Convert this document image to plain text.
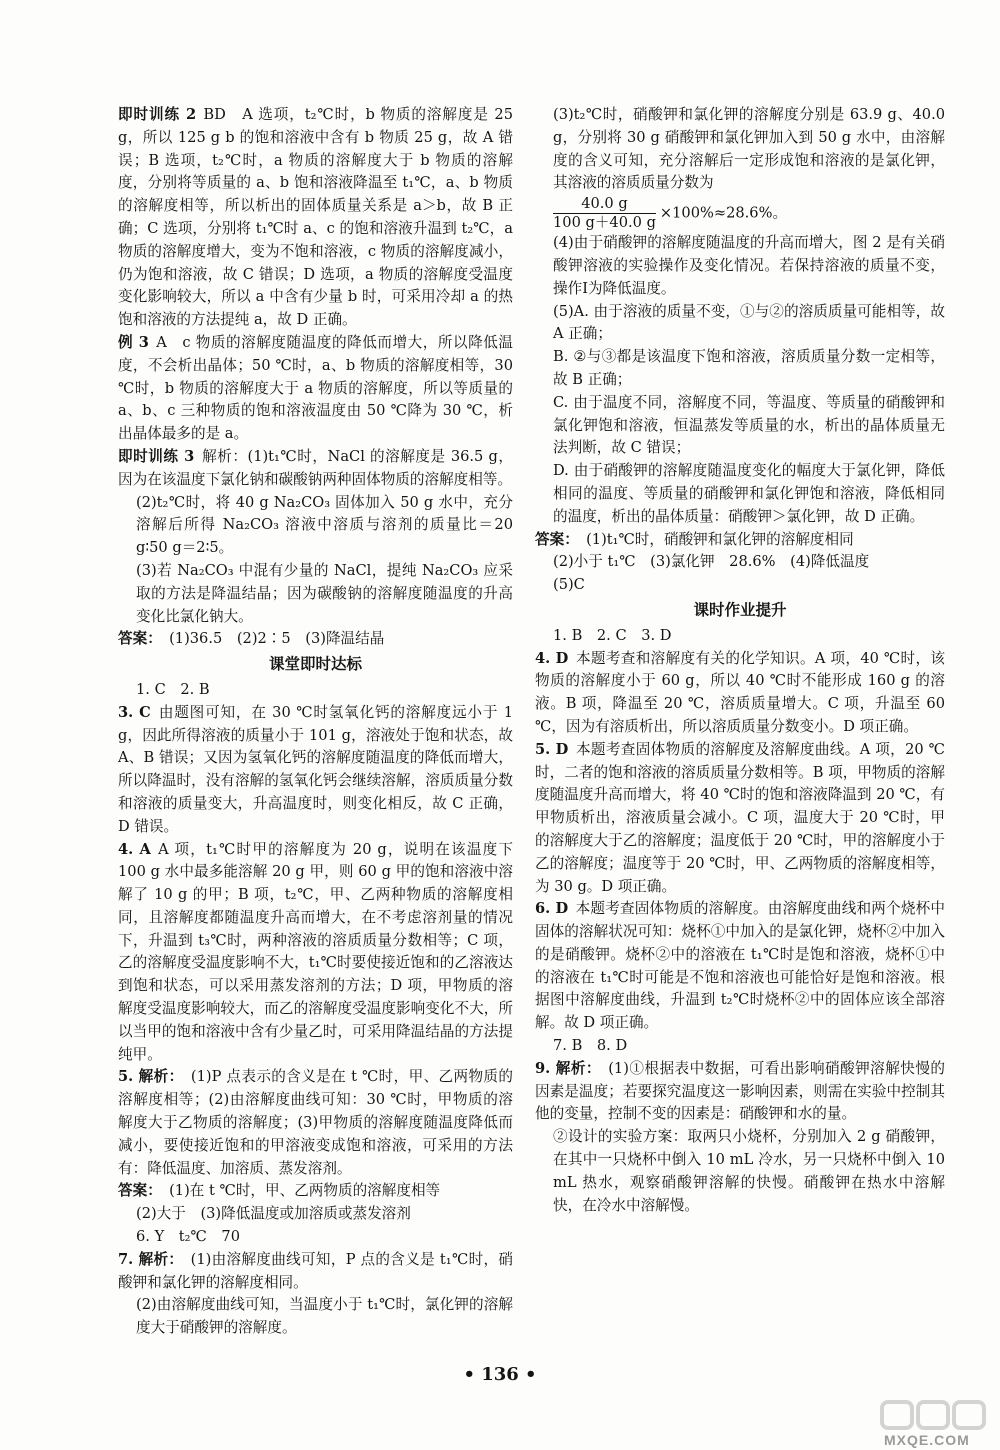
即时训练 2  BD　A 选项，t₂℃时，b 物质的溶解度是 25 g，所以 125 g b 的饱和溶液中含有 b 物质 25 g，故 A 错误；B 选项，t₂℃时，a 物质的溶解度大于 b 物质的溶解度，分别将等质量的 a、b 饱和溶液降温至 t₁℃，a、b 物质的溶解度相等，所以析出的固体质量关系是 a＞b，故 B 正确；C 选项，分别将 t₁℃时 a、c 的饱和溶液升温到 t₂℃，a 物质的溶解度增大，变为不饱和溶液，c 物质的溶解度减小，仍为饱和溶液，故 C 错误；D 选项，a 物质的溶解度受温度变化影响较大，所以 a 中含有少量 b 时，可采用冷却 a 的热饱和溶液的方法提纯 a，故 D 正确。
例 3  A　c 物质的溶解度随温度的降低而增大，所以降低温度，不会析出晶体；50 ℃时，a、b 物质的溶解度相等，30 ℃时，b 物质的溶解度大于 a 物质的溶解度，所以等质量的 a、b、c 三种物质的饱和溶液温度由 50 ℃降为 30 ℃，析出晶体最多的是 a。
即时训练 3  解析：(1)t₁℃时，NaCl 的溶解度是 36.5 g，因为在该温度下氯化钠和碳酸钠两种固体物质的溶解度相等。
(2)t₂℃时，将 40 g Na₂CO₃ 固体加入 50 g 水中，充分溶解后所得 Na₂CO₃ 溶液中溶质与溶剂的质量比＝20 g∶50 g＝2∶5。
(3)若 Na₂CO₃ 中混有少量的 NaCl，提纯 Na₂CO₃ 应采取的方法是降温结晶；因为碳酸钠的溶解度随温度的升高变化比氯化钠大。
答案：  (1)36.5　(2)2∶5　(3)降温结晶
课堂即时达标
1. C　2. B
3. C  由题图可知，在 30 ℃时氢氧化钙的溶解度远小于 1 g，因此所得溶液的质量小于 101 g，溶液处于饱和状态，故 A、B 错误；又因为氢氧化钙的溶解度随温度的降低而增大，所以降温时，没有溶解的氢氧化钙会继续溶解，溶质质量分数和溶液的质量变大，升高温度时，则变化相反，故 C 正确，D 错误。
4. A  A 项，t₁℃时甲的溶解度为 20 g，说明在该温度下 100 g 水中最多能溶解 20 g 甲，则 60 g 甲的饱和溶液中溶解了 10 g 的甲；B 项，t₂℃，甲、乙两种物质的溶解度相同，且溶解度都随温度升高而增大，在不考虑溶剂量的情况下，升温到 t₃℃时，两种溶液的溶质质量分数相等；C 项，乙的溶解度受温度影响不大，t₁℃时要使接近饱和的乙溶液达到饱和状态，可以采用蒸发溶剂的方法；D 项，甲物质的溶解度受温度影响较大，而乙的溶解度受温度影响变化不大，所以当甲的饱和溶液中含有少量乙时，可采用降温结晶的方法提纯甲。
5. 解析：  (1)P 点表示的含义是在 t ℃时，甲、乙两物质的溶解度相等；(2)由溶解度曲线可知：30 ℃时，甲物质的溶解度大于乙物质的溶解度；(3)甲物质的溶解度随温度降低而减小，要使接近饱和的甲溶液变成饱和溶液，可采用的方法有：降低温度、加溶质、蒸发溶剂。
答案：  (1)在 t ℃时，甲、乙两物质的溶解度相等
(2)大于　(3)降低温度或加溶质或蒸发溶剂
6. Y　t₂℃　70
7. 解析：  (1)由溶解度曲线可知，P 点的含义是 t₁℃时，硝酸钾和氯化钾的溶解度相同。
(2)由溶解度曲线可知，当温度小于 t₁℃时，氯化钾的溶解度大于硝酸钾的溶解度。
(3)t₂℃时，硝酸钾和氯化钾的溶解度分别是 63.9 g、40.0 g，分别将 30 g 硝酸钾和氯化钾加入到 50 g 水中，由溶解度的含义可知，充分溶解后一定形成饱和溶液的是氯化钾，其溶液的溶质质量分数为
$\frac{40.0 g}{100 g+40.0 g} \times 100\%\approx 28.6\%$。
(4)由于硝酸钾的溶解度随温度的升高而增大，图 2 是有关硝酸钾溶液的实验操作及变化情况。若保持溶液的质量不变，操作Ⅰ为降低温度。
(5)A. 由于溶液的质量不变，①与②的溶质质量可能相等，故 A 正确；
B. ②与③都是该温度下饱和溶液，溶质质量分数一定相等，故 B 正确；
C. 由于温度不同，溶解度不同，等温度、等质量的硝酸钾和氯化钾饱和溶液，恒温蒸发等质量的水，析出的晶体质量无法判断，故 C 错误；
D. 由于硝酸钾的溶解度随温度变化的幅度大于氯化钾，降低相同的温度、等质量的硝酸钾和氯化钾饱和溶液，降低相同的温度，析出的晶体质量：硝酸钾＞氯化钾，故 D 正确。
答案：  (1)t₁℃时，硝酸钾和氯化钾的溶解度相同
(2)小于 t₁℃　(3)氯化钾　28.6%　(4)降低温度
(5)C
课时作业提升
1. B　2. C　3. D
4. D  本题考查和溶解度有关的化学知识。A 项，40 ℃时，该物质的溶解度小于 60 g，所以 40 ℃时不能形成 160 g 的溶液。B 项，降温至 20 ℃，溶质质量增大。C 项，升温至 60 ℃，因为有溶质析出，所以溶质质量分数变小。D 项正确。
5. D  本题考查固体物质的溶解度及溶解度曲线。A 项，20 ℃时，二者的饱和溶液的溶质质量分数相等。B 项，甲物质的溶解度随温度升高而增大，将 40 ℃时的饱和溶液降温到 20 ℃，有甲物质析出，溶液质量会减小。C 项，温度大于 20 ℃时，甲的溶解度大于乙的溶解度；温度低于 20 ℃时，甲的溶解度小于乙的溶解度；温度等于 20 ℃时，甲、乙两物质的溶解度相等，为 30 g。D 项正确。
6. D  本题考查固体物质的溶解度。由溶解度曲线和两个烧杯中固体的溶解状况可知：烧杯①中加入的是氯化钾，烧杯②中加入的是硝酸钾。烧杯②中的溶液在 t₁℃时是饱和溶液，烧杯①中的溶液在 t₁℃时可能是不饱和溶液也可能恰好是饱和溶液。根据图中溶解度曲线，升温到 t₂℃时烧杯②中的固体应该全部溶解。故 D 项正确。
7. B　8. D
9. 解析：  (1)①根据表中数据，可看出影响硝酸钾溶解快慢的因素是温度；若要探究温度这一影响因素，则需在实验中控制其他的变量，控制不变的因素是：硝酸钾和水的量。
②设计的实验方案：取两只小烧杯，分别加入 2 g 硝酸钾，在其中一只烧杯中倒入 10 mL 冷水，另一只烧杯中倒入 10 mL 热水，观察硝酸钾溶解的快慢。硝酸钾在热水中溶解快，在冷水中溶解慢。
• 136 •
MXQE.COM
